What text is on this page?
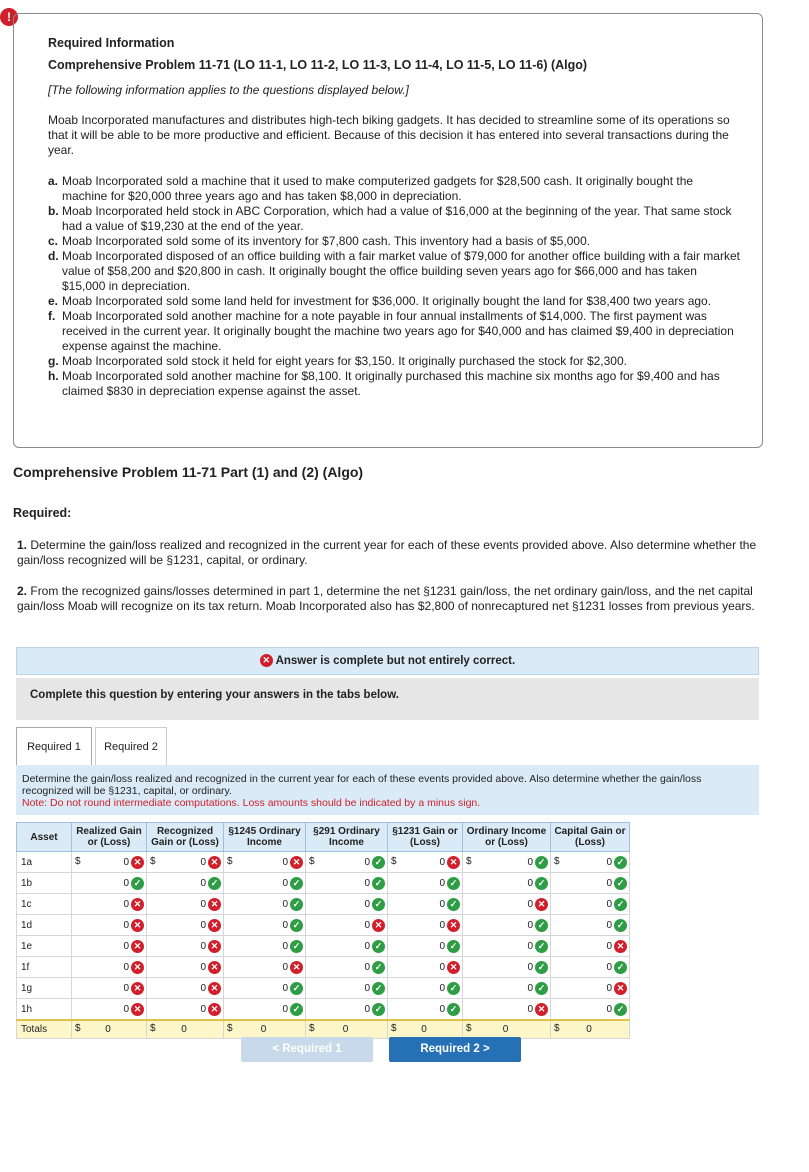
!
Required Information
Comprehensive Problem 11-71 (LO 11-1, LO 11-2, LO 11-3, LO 11-4, LO 11-5, LO 11-6) (Algo)
[The following information applies to the questions displayed below.]
Moab Incorporated manufactures and distributes high-tech biking gadgets. It has decided to streamline some of its operations so that it will be able to be more productive and efficient. Because of this decision it has entered into several transactions during the year.
a. Moab Incorporated sold a machine that it used to make computerized gadgets for $28,500 cash. It originally bought the machine for $20,000 three years ago and has taken $8,000 in depreciation.
b. Moab Incorporated held stock in ABC Corporation, which had a value of $16,000 at the beginning of the year. That same stock had a value of $19,230 at the end of the year.
c. Moab Incorporated sold some of its inventory for $7,800 cash. This inventory had a basis of $5,000.
d. Moab Incorporated disposed of an office building with a fair market value of $79,000 for another office building with a fair market value of $58,200 and $20,800 in cash. It originally bought the office building seven years ago for $66,000 and has taken $15,000 in depreciation.
e. Moab Incorporated sold some land held for investment for $36,000. It originally bought the land for $38,400 two years ago.
f. Moab Incorporated sold another machine for a note payable in four annual installments of $14,000. The first payment was received in the current year. It originally bought the machine two years ago for $40,000 and has claimed $9,400 in depreciation expense against the machine.
g. Moab Incorporated sold stock it held for eight years for $3,150. It originally purchased the stock for $2,300.
h. Moab Incorporated sold another machine for $8,100. It originally purchased this machine six months ago for $9,400 and has claimed $830 in depreciation expense against the asset.
Comprehensive Problem 11-71 Part (1) and (2) (Algo)
Required:
1. Determine the gain/loss realized and recognized in the current year for each of these events provided above. Also determine whether the gain/loss recognized will be §1231, capital, or ordinary.
2. From the recognized gains/losses determined in part 1, determine the net §1231 gain/loss, the net ordinary gain/loss, and the net capital gain/loss Moab will recognize on its tax return. Moab Incorporated also has $2,800 of nonrecaptured net §1231 losses from previous years.
✕ Answer is complete but not entirely correct.
Complete this question by entering your answers in the tabs below.
Required 1	Required 2
Determine the gain/loss realized and recognized in the current year for each of these events provided above. Also determine whether the gain/loss recognized will be §1231, capital, or ordinary.
Note: Do not round intermediate computations. Loss amounts should be indicated by a minus sign.
Asset	Realized Gain or (Loss)	Recognized Gain or (Loss)	§1245 Ordinary Income	§291 Ordinary Income	§1231 Gain or (Loss)	Ordinary Income or (Loss)	Capital Gain or (Loss)
1a	$ 0 ✕	$ 0 ✕	$ 0 ✕	$ 0 ✓	$ 0 ✕	$ 0 ✓	$ 0 ✓

1b	0 ✓	0 ✓	0 ✓	0 ✓	0 ✓	0 ✓	0 ✓

1c	0 ✕	0 ✕	0 ✓	0 ✓	0 ✓	0 ✕	0 ✓

1d	0 ✕	0 ✕	0 ✓	0 ✕	0 ✕	0 ✓	0 ✓

1e	0 ✕	0 ✕	0 ✓	0 ✓	0 ✓	0 ✓	0 ✕

1f	0 ✕	0 ✕	0 ✕	0 ✓	0 ✕	0 ✓	0 ✓

1g	0 ✕	0 ✕	0 ✓	0 ✓	0 ✓	0 ✓	0 ✕

1h	0 ✕	0 ✕	0 ✓	0 ✓	0 ✓	0 ✕	0 ✓

Totals	$ 0	$ 0	$ 0	$ 0	$ 0	$ 0	$ 0
< Required 1	Required 2 >
